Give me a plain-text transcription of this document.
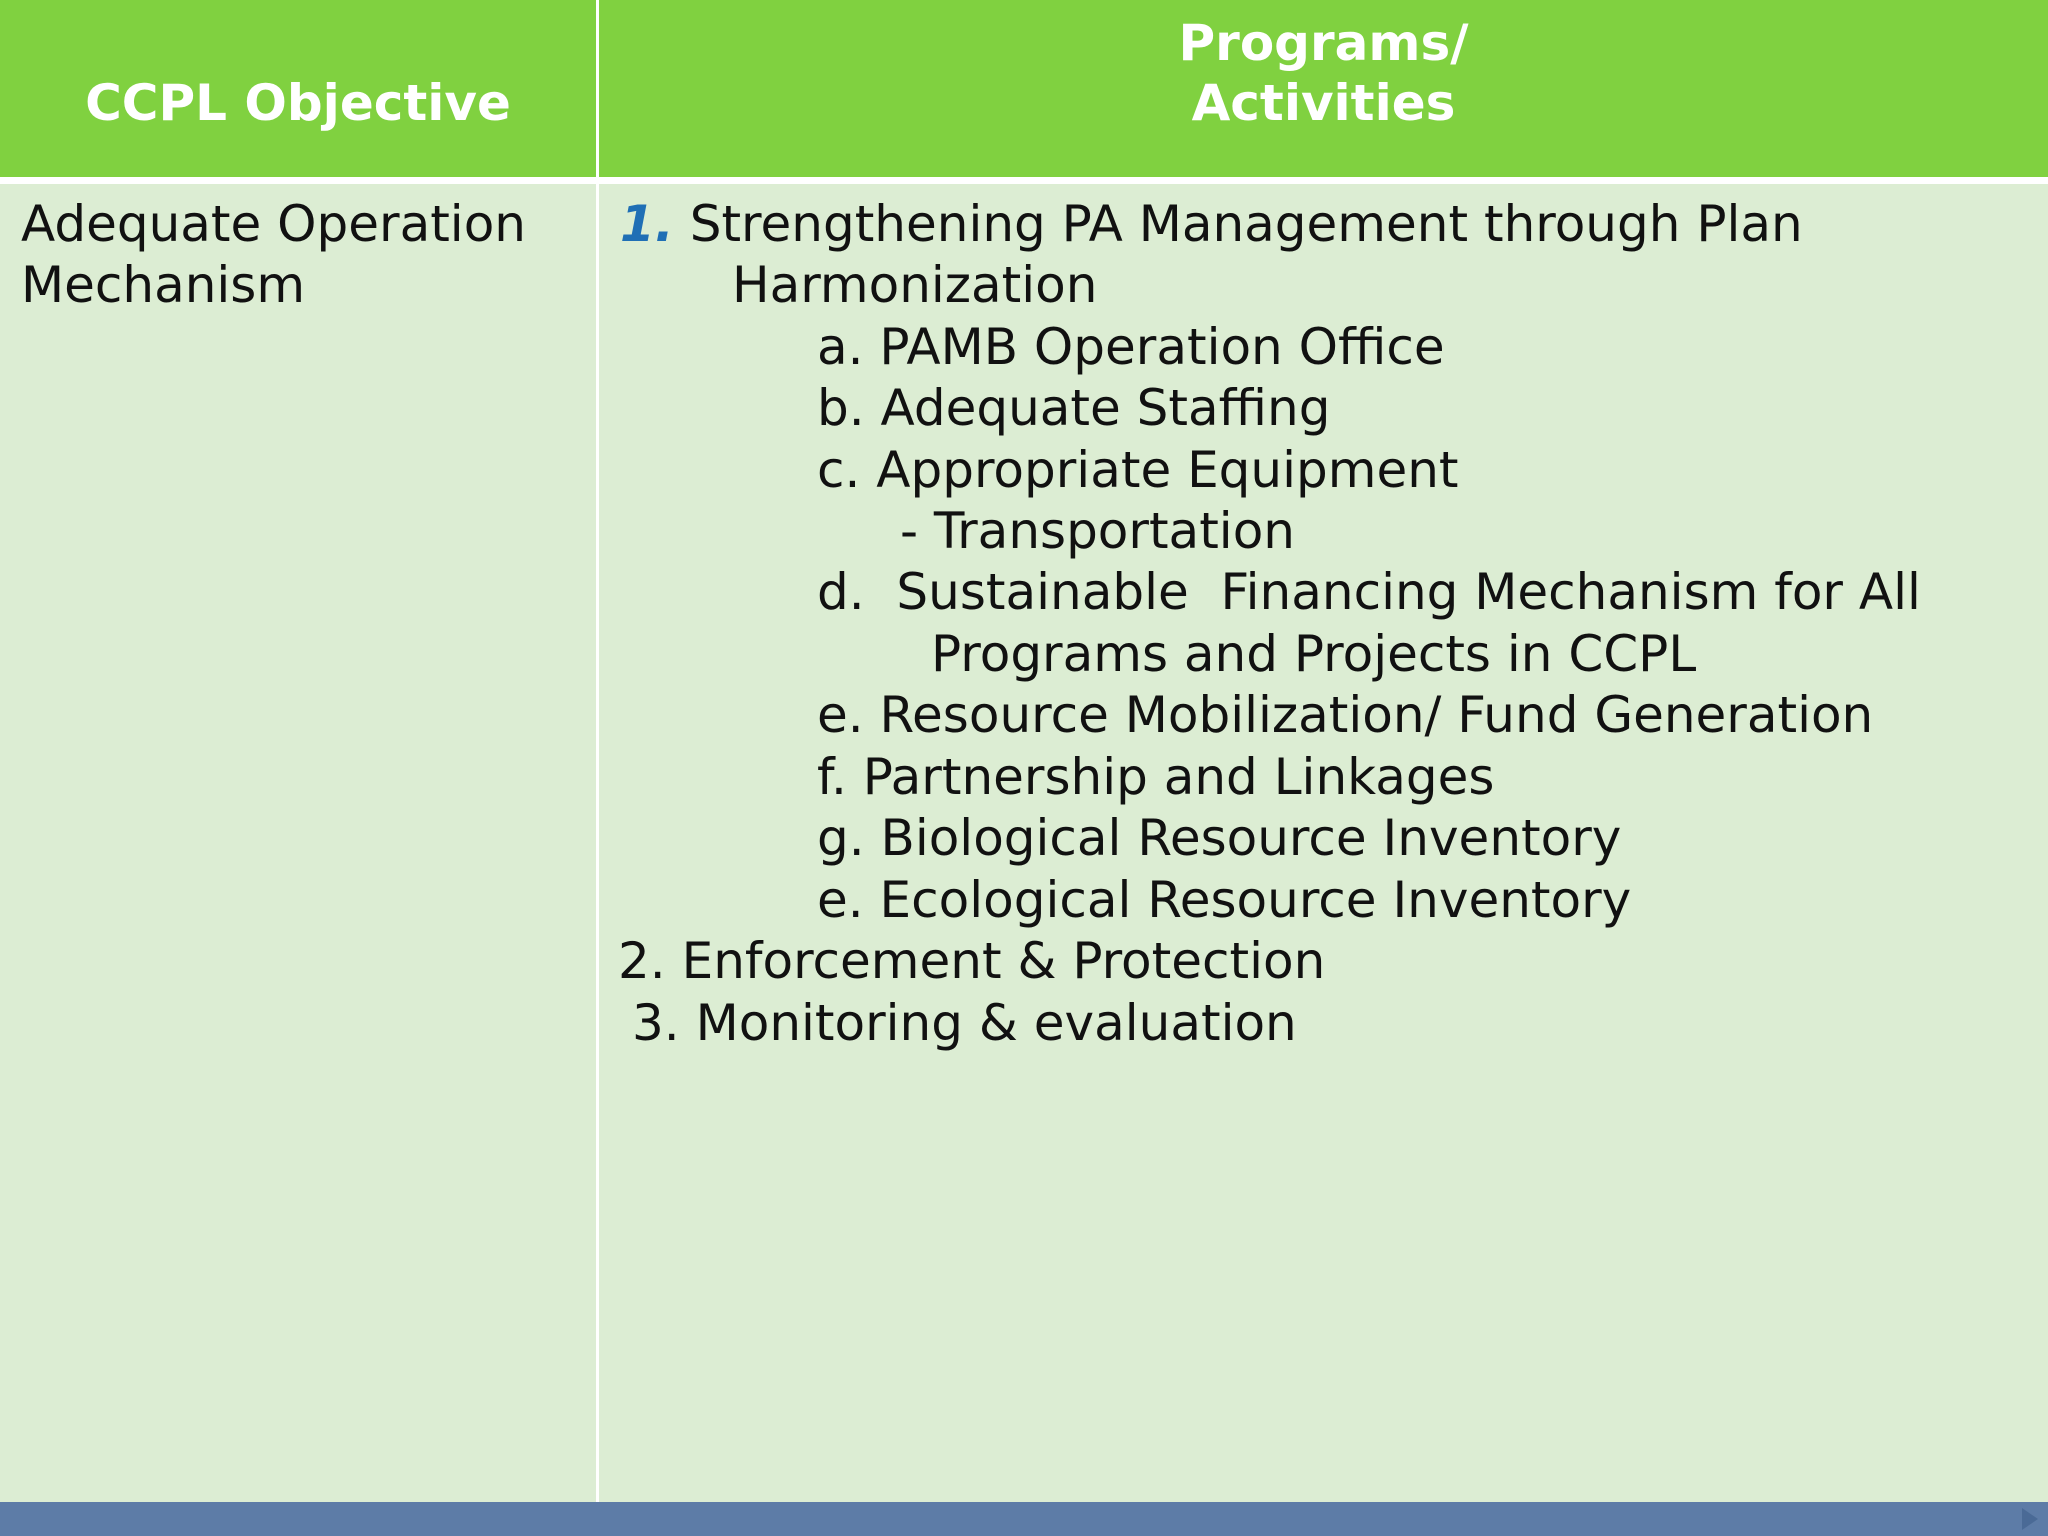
CCPL Objective
Programs/
Activities
Adequate Operation
Mechanism
1. Strengthening PA Management through Plan
Harmonization
a. PAMB Operation Office
b. Adequate Staffing
c. Appropriate Equipment
- Transportation
d.  Sustainable  Financing Mechanism for All
Programs and Projects in CCPL
e. Resource Mobilization/ Fund Generation
f. Partnership and Linkages
g. Biological Resource Inventory
e. Ecological Resource Inventory
2. Enforcement & Protection
3. Monitoring & evaluation
